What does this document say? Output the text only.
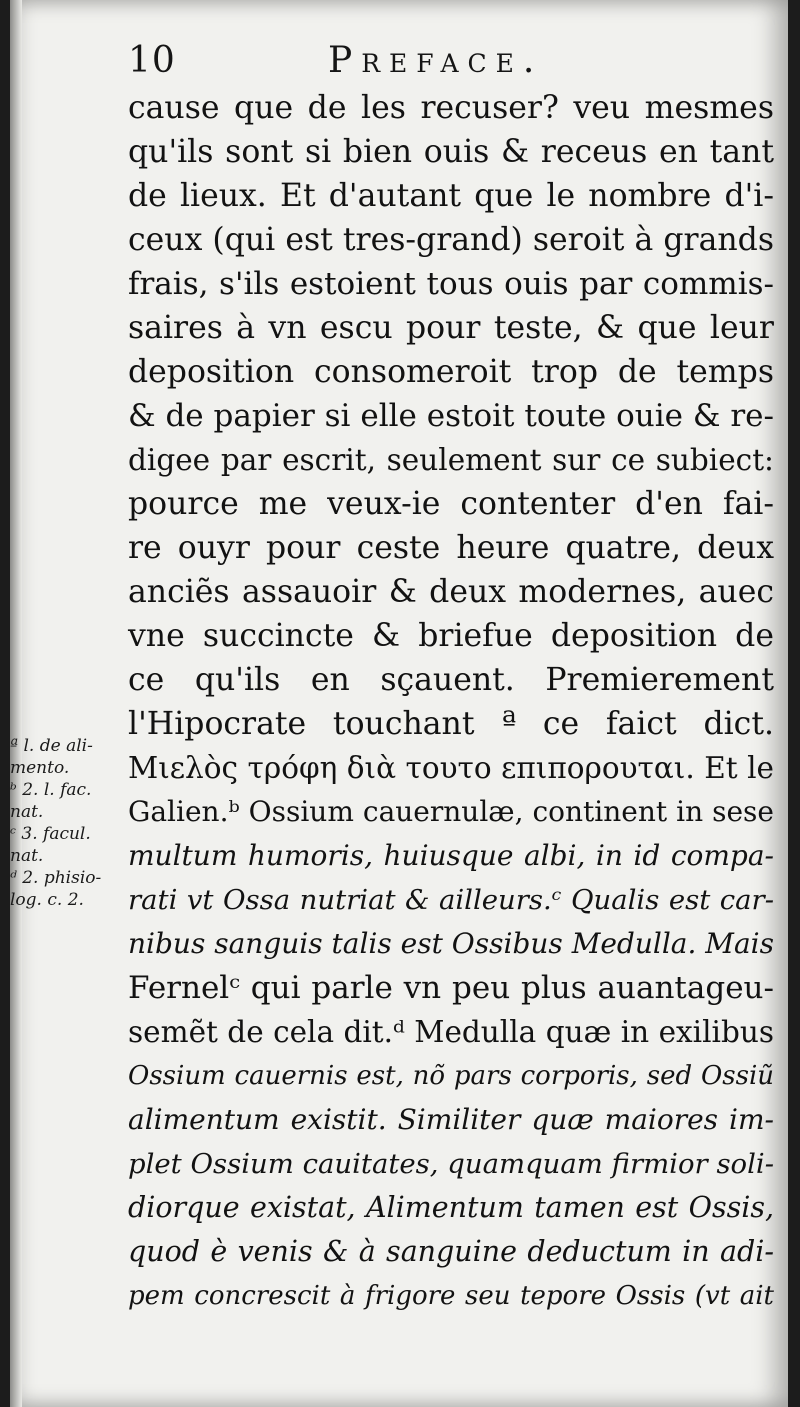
10	Preface.
cause que de les recuser? veu mesmes
qu'ils sont si bien ouis & receus en tant
de lieux. Et d'autant que le nombre d'i-
ceux (qui est tres-grand) seroit à grands
frais, s'ils estoient tous ouis par commis-
saires à vn escu pour teste, & que leur
deposition consomeroit trop de temps
& de papier si elle estoit toute ouie & re-
digee par escrit, seulement sur ce subiect:
pource me veux-ie contenter d'en fai-
re ouyr pour ceste heure quatre, deux
anciẽs assauoir & deux modernes, auec
vne succincte & briefue deposition de
ce qu'ils en sçauent. Premierement
l'Hipocrate touchant ª ce faict dict.
Μιελὸς τρόφη διὰ τουτο επιπορουται. Et le
Galien.ᵇ Ossium cauernulæ, continent in sese
multum humoris, huiusque albi, in id compa-
rati vt Ossa nutriat & ailleurs.ᶜ Qualis est car-
nibus sanguis talis est Ossibus Medulla. Mais
Fernelᶜ qui parle vn peu plus auantageu-
semẽt de cela dit.ᵈ Medulla quæ in exilibus
Ossium cauernis est, nõ pars corporis, sed Ossiũ
alimentum existit. Similiter quæ maiores im-
plet Ossium cauitates, quamquam firmior soli-
diorque existat, Alimentum tamen est Ossis,
quod è venis & à sanguine deductum in adi-
pem concrescit à frigore seu tepore Ossis (vt ait
ª l. de ali-
mento.
ᵇ 2. l. fac.
nat.
ᶜ 3. facul.
nat.
ᵈ 2. phisio-
log. c. 2.
